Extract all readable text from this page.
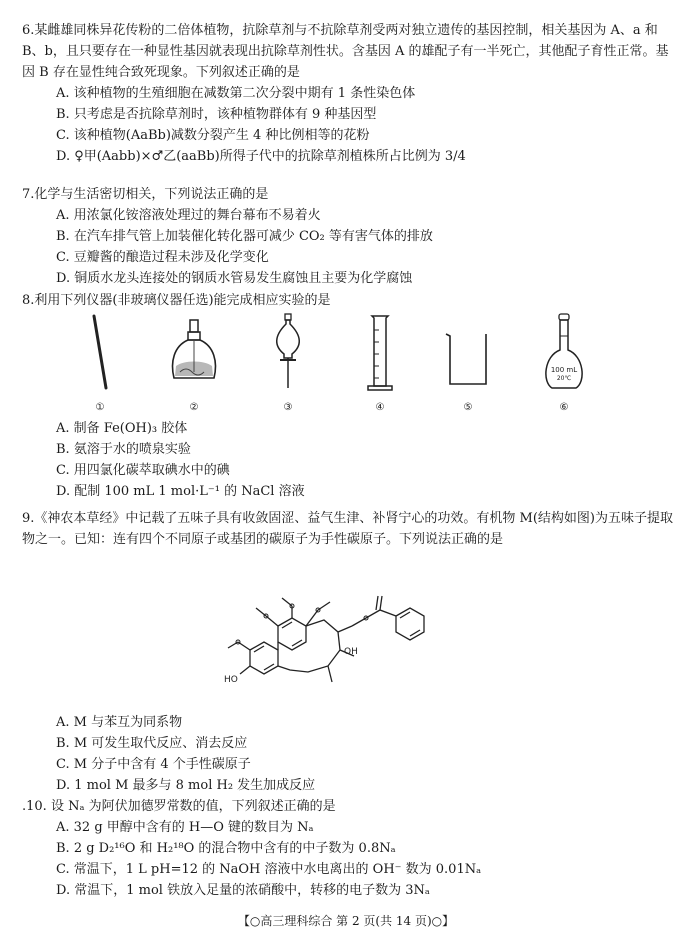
6.某雌雄同株异花传粉的二倍体植物，抗除草剂与不抗除草剂受两对独立遗传的基因控制，相关基因为 A、a 和 B、b，且只要存在一种显性基因就表现出抗除草剂性状。含基因 A 的雄配子有一半死亡，其他配子育性正常。基因 B 存在显性纯合致死现象。下列叙述正确的是

A. 该种植物的生殖细胞在减数第二次分裂中期有 1 条性染色体

B. 只考虑是否抗除草剂时，该种植物群体有 9 种基因型

C. 该种植物(AaBb)减数分裂产生 4 种比例相等的花粉

D. ♀甲(Aabb)×♂乙(aaBb)所得子代中的抗除草剂植株所占比例为 3/4

7.化学与生活密切相关，下列说法正确的是

A. 用浓氯化铵溶液处理过的舞台幕布不易着火

B. 在汽车排气管上加装催化转化器可减少 CO₂ 等有害气体的排放

C. 豆瓣酱的酿造过程未涉及化学变化

D. 铜质水龙头连接处的钢质水管易发生腐蚀且主要为化学腐蚀

8.利用下列仪器(非玻璃仪器任选)能完成相应实验的是

①	②	③	④	⑤
100 mL
20℃
⑥

A. 制备 Fe(OH)₃ 胶体

B. 氨溶于水的喷泉实验

C. 用四氯化碳萃取碘水中的碘

D. 配制 100 mL 1 mol·L⁻¹ 的 NaCl 溶液

9.《神农本草经》中记载了五味子具有收敛固涩、益气生津、补肾宁心的功效。有机物 M(结构如图)为五味子提取物之一。已知：连有四个不同原子或基团的碳原子为手性碳原子。下列说法正确的是

HO
OH

A. M 与苯互为同系物

B. M 可发生取代反应、消去反应

C. M 分子中含有 4 个手性碳原子

D. 1 mol M 最多与 8 mol H₂ 发生加成反应

.10. 设 Nₐ 为阿伏加德罗常数的值，下列叙述正确的是

A. 32 g 甲醇中含有的 H—O 键的数目为 Nₐ

B. 2 g D₂¹⁶O 和 H₂¹⁸O 的混合物中含有的中子数为 0.8Nₐ

C. 常温下，1 L pH=12 的 NaOH 溶液中水电离出的 OH⁻ 数为 0.01Nₐ

D. 常温下，1 mol 铁放入足量的浓硝酸中，转移的电子数为 3Nₐ

【○高三理科综合 第 2 页(共 14 页)○】
